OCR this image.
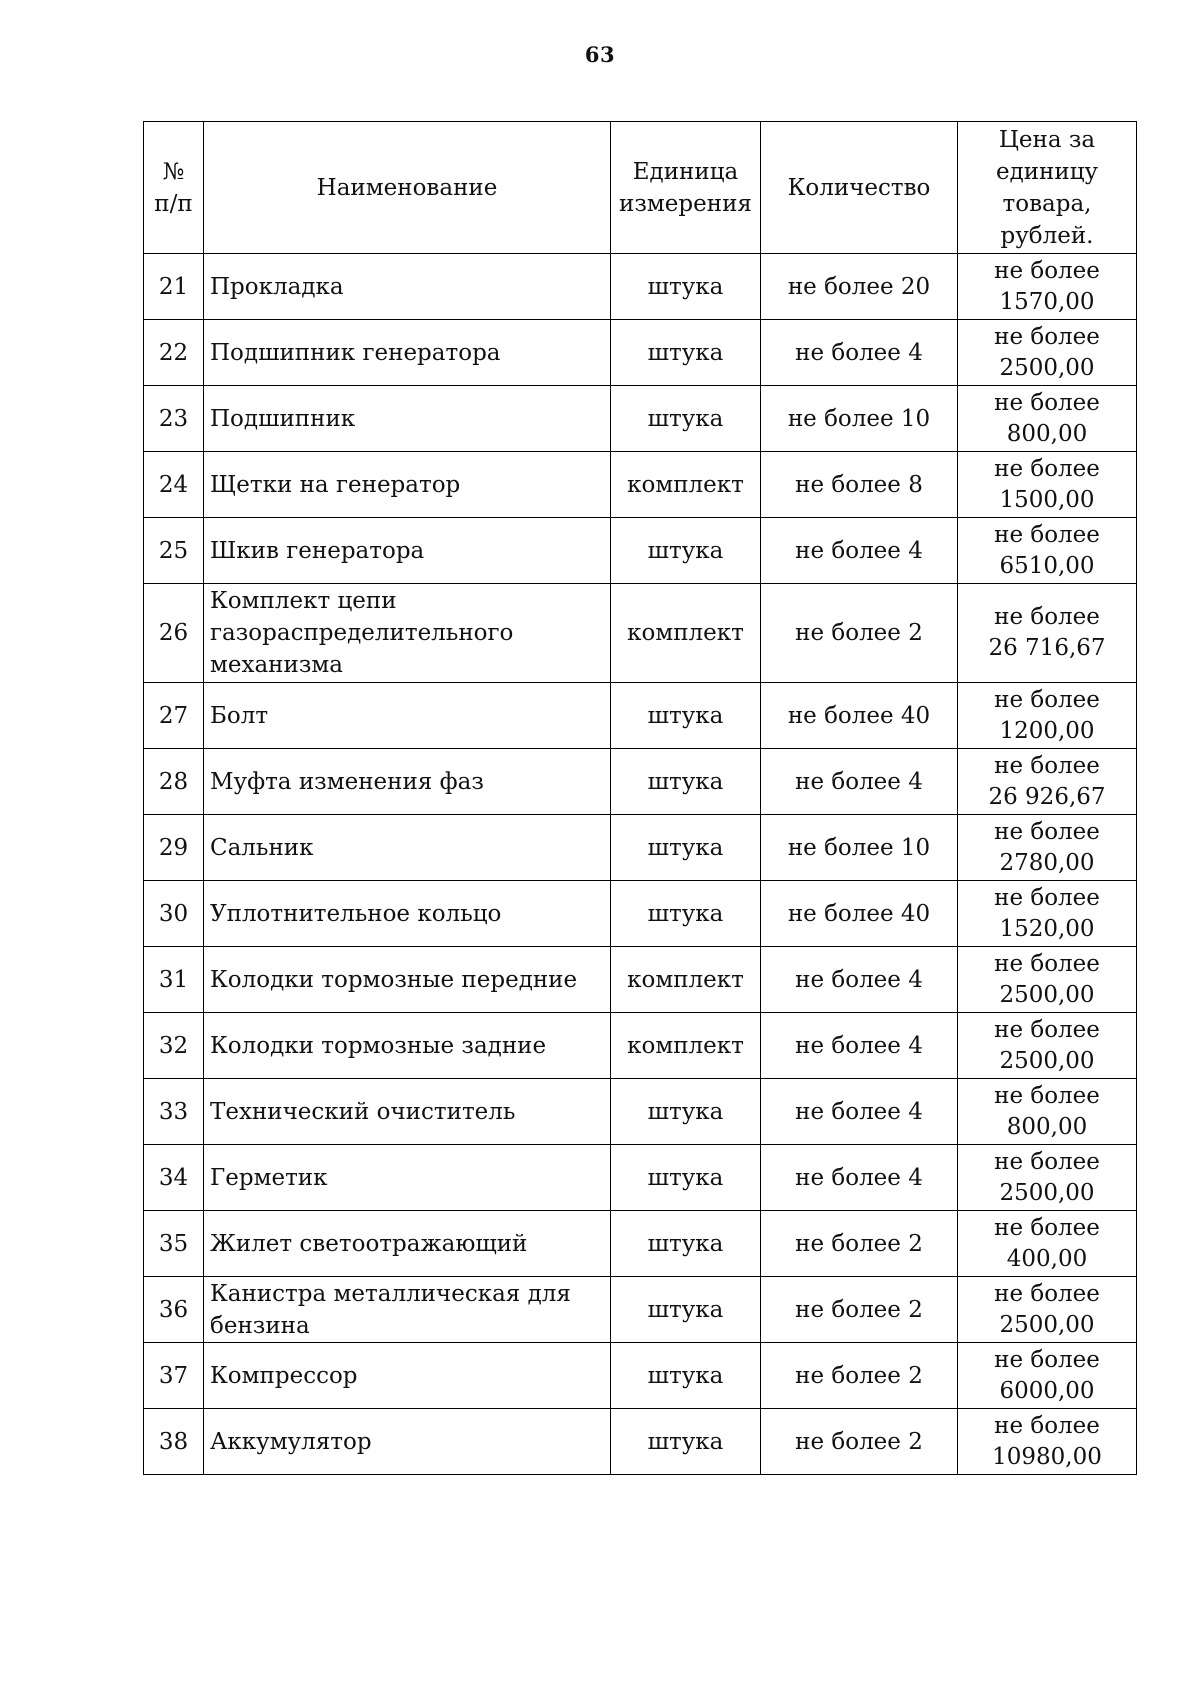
63
№ п/п	Наименование	Единица измерения	Количество	Цена за единицу товара, рублей.
21	Прокладка	штука	не более 20	не более
1570,00

22	Подшипник генератора	штука	не более 4	не более
2500,00

23	Подшипник	штука	не более 10	не более
800,00

24	Щетки на генератор	комплект	не более 8	не более
1500,00

25	Шкив генератора	штука	не более 4	не более
6510,00

26	Комплект цепи газораспределительного механизма	комплект	не более 2	не более
26 716,67

27	Болт	штука	не более 40	не более
1200,00

28	Муфта изменения фаз	штука	не более 4	не более
26 926,67

29	Сальник	штука	не более 10	не более
2780,00

30	Уплотнительное кольцо	штука	не более 40	не более
1520,00

31	Колодки тормозные передние	комплект	не более 4	не более
2500,00

32	Колодки тормозные задние	комплект	не более 4	не более
2500,00

33	Технический очиститель	штука	не более 4	не более
800,00

34	Герметик	штука	не более 4	не более
2500,00

35	Жилет светоотражающий	штука	не более 2	не более
400,00

36	Канистра металлическая для бензина	штука	не более 2	не более
2500,00

37	Компрессор	штука	не более 2	не более
6000,00

38	Аккумулятор	штука	не более 2	не более
10980,00
